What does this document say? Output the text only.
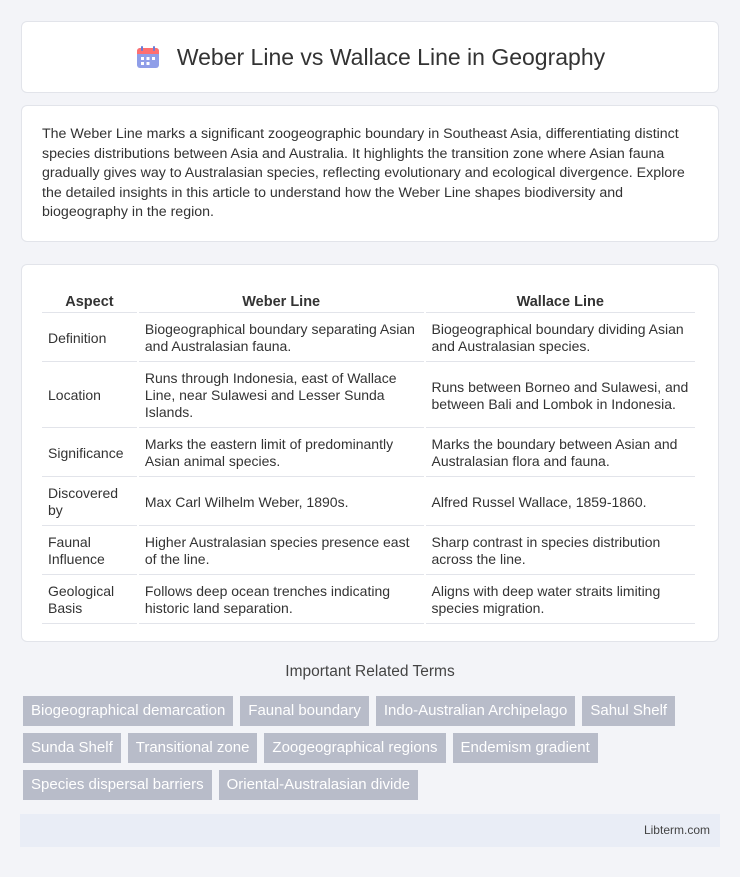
Weber Line vs Wallace Line in Geography

The Weber Line marks a significant zoogeographic boundary in Southeast Asia, differentiating distinct species distributions between Asia and Australia. It highlights the transition zone where Asian fauna gradually gives way to Australasian species, reflecting evolutionary and ecological divergence. Explore the detailed insights in this article to understand how the Weber Line shapes biodiversity and biogeography in the region.

Aspect	Weber Line	Wallace Line
Definition	Biogeographical boundary separating Asian and Australasian fauna.	Biogeographical boundary dividing Asian and Australasian species.
Location	Runs through Indonesia, east of Wallace Line, near Sulawesi and Lesser Sunda Islands.	Runs between Borneo and Sulawesi, and between Bali and Lombok in Indonesia.
Significance	Marks the eastern limit of predominantly Asian animal species.	Marks the boundary between Asian and Australasian flora and fauna.
Discovered by	Max Carl Wilhelm Weber, 1890s.	Alfred Russel Wallace, 1859-1860.
Faunal Influence	Higher Australasian species presence east of the line.	Sharp contrast in species distribution across the line.
Geological Basis	Follows deep ocean trenches indicating historic land separation.	Aligns with deep water straits limiting species migration.
Important Related Terms
Biogeographical demarcation	Faunal boundary	Indo-Australian Archipelago	Sahul Shelf
Sunda Shelf	Transitional zone	Zoogeographical regions	Endemism gradient
Species dispersal barriers	Oriental-Australasian divide
Libterm.com
